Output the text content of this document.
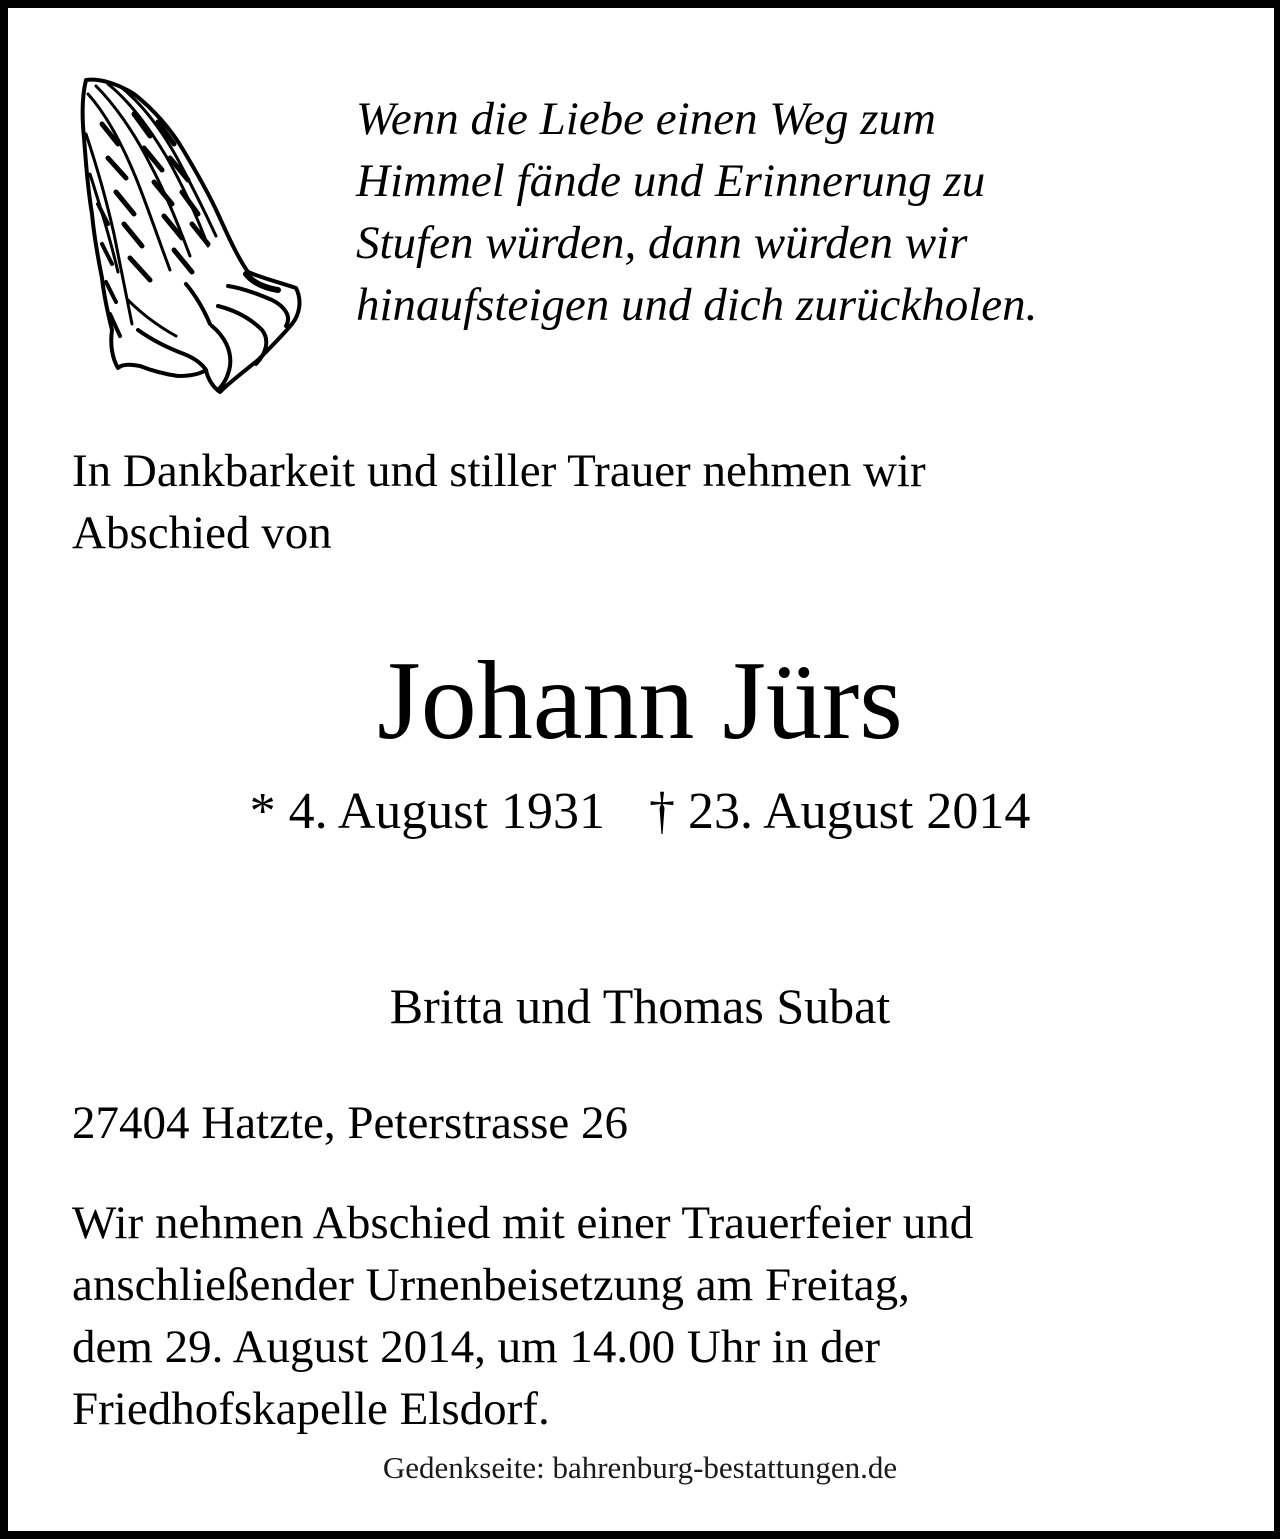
Wenn die Liebe einen Weg zum
Himmel fände und Erinnerung zu
Stufen würden, dann würden wir
hinaufsteigen und dich zurückholen.
In Dankbarkeit und stiller Trauer nehmen wir
Abschied von
Johann Jürs
* 4. August 1931 † 23. August 2014
Britta und Thomas Subat
27404 Hatzte, Peterstrasse 26
Wir nehmen Abschied mit einer Trauerfeier und
anschließender Urnenbeisetzung am Freitag,
dem 29. August 2014, um 14.00 Uhr in der
Friedhofskapelle Elsdorf.
Gedenkseite: bahrenburg-bestattungen.de
